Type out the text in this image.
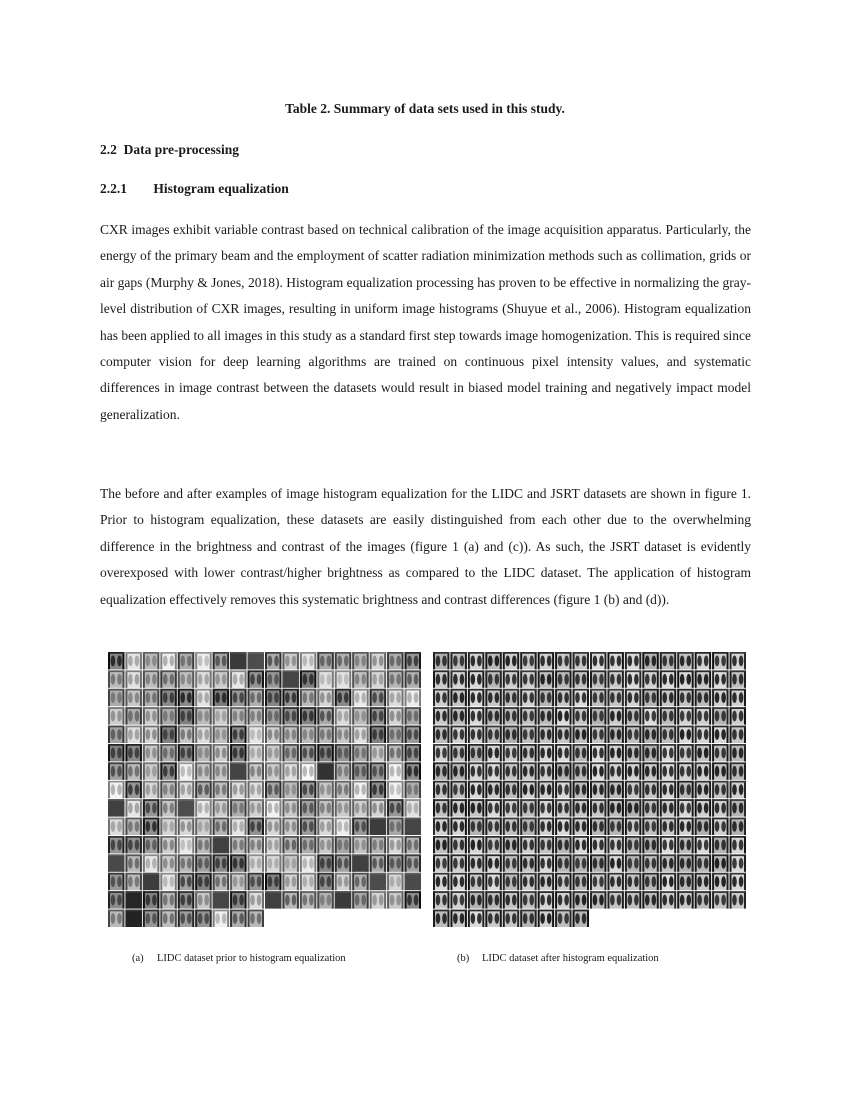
Table 2. Summary of data sets used in this study.
2.2 Data pre-processing
2.2.1 Histogram equalization

CXR images exhibit variable contrast based on technical calibration of the image acquisition apparatus. Particularly, the energy of the primary beam and the employment of scatter radiation minimization methods such as collimation, grids or air gaps (Murphy & Jones, 2018). Histogram equalization processing has proven to be effective in normalizing the gray-level distribution of CXR images, resulting in uniform image histograms (Shuyue et al., 2006). Histogram equalization has been applied to all images in this study as a standard first step towards image homogenization. This is required since computer vision for deep learning algorithms are trained on continuous pixel intensity values, and systematic differences in image contrast between the datasets would result in biased model training and negatively impact model generalization.

The before and after examples of image histogram equalization for the LIDC and JSRT datasets are shown in figure 1. Prior to histogram equalization, these datasets are easily distinguished from each other due to the overwhelming difference in the brightness and contrast of the images (figure 1 (a) and (c)). As such, the JSRT dataset is evidently overexposed with lower contrast/higher brightness as compared to the LIDC dataset. The application of histogram equalization effectively removes this systematic brightness and contrast differences (figure 1 (b) and (d)).

(a) LIDC dataset prior to histogram equalization	(b) LIDC dataset after histogram equalization
